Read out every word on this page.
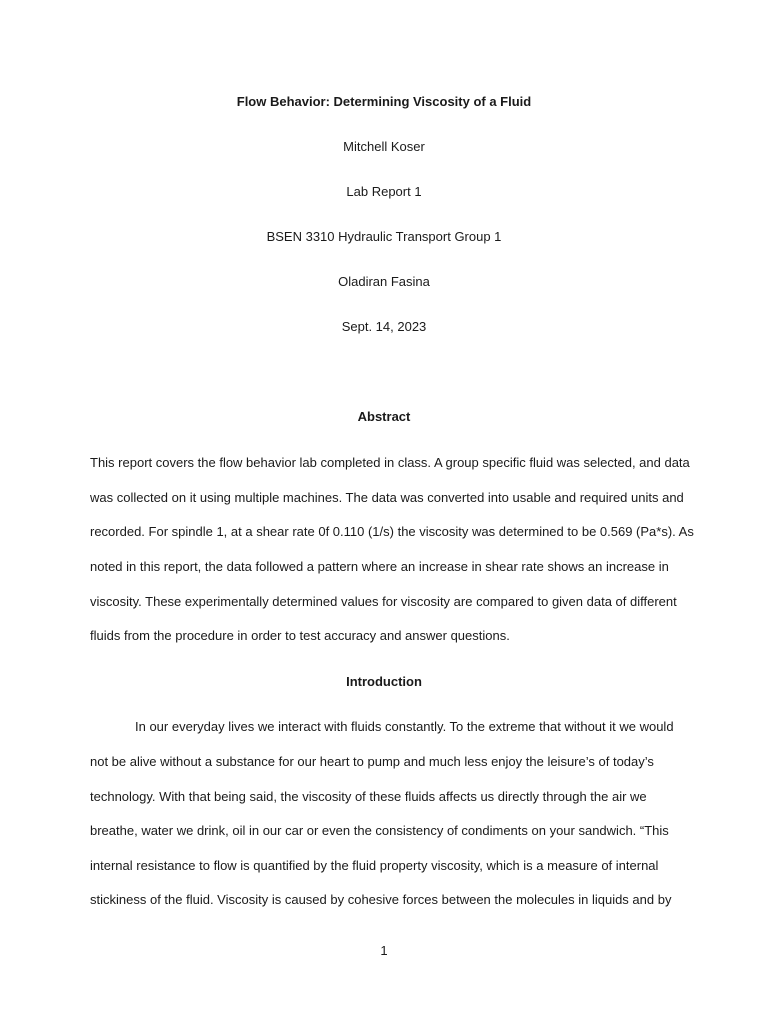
Flow Behavior: Determining Viscosity of a Fluid
Mitchell Koser
Lab Report 1
BSEN 3310 Hydraulic Transport Group 1
Oladiran Fasina
Sept. 14, 2023
Abstract
This report covers the flow behavior lab completed in class. A group specific fluid was selected, and data
was collected on it using multiple machines. The data was converted into usable and required units and
recorded. For spindle 1, at a shear rate 0f 0.110 (1/s) the viscosity was determined to be 0.569 (Pa*s). As
noted in this report, the data followed a pattern where an increase in shear rate shows an increase in
viscosity. These experimentally determined values for viscosity are compared to given data of different
fluids from the procedure in order to test accuracy and answer questions.
Introduction
In our everyday lives we interact with fluids constantly. To the extreme that without it we would
not be alive without a substance for our heart to pump and much less enjoy the leisure’s of today’s
technology. With that being said, the viscosity of these fluids affects us directly through the air we
breathe, water we drink, oil in our car or even the consistency of condiments on your sandwich. “This
internal resistance to flow is quantified by the fluid property viscosity, which is a measure of internal
stickiness of the fluid. Viscosity is caused by cohesive forces between the molecules in liquids and by
1
